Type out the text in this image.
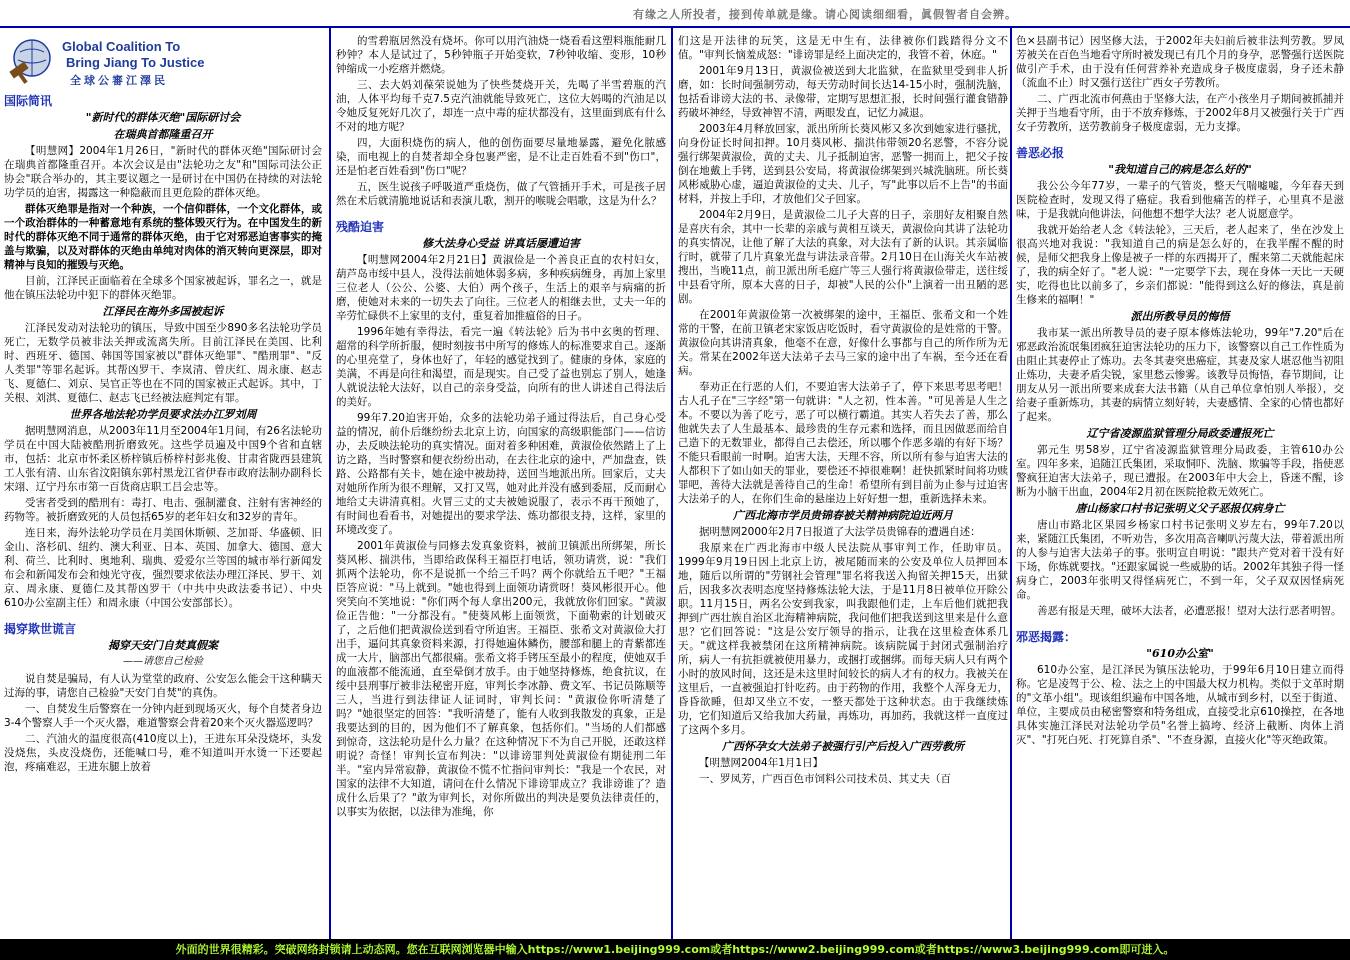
有缘之人所投者，接到传单就是缘。请心阅读细细看，眞假智者自会辨。
Global Coalition To
Bring Jiang To Justice
全球公審江澤民
国际简讯
"新时代的群体灭绝"国际研讨会
在瑞典首都隆重召开

【明慧网】2004年1月26日，"新时代的群体灭绝"国际研讨会在瑞典首都隆重召开。本次会议是由"法轮功之友"和"国际司法公正协会"联合举办的，其主要议题之一是研讨在中国仍在持续的对法轮功学员的迫害，揭露这一种隐蔽而且更危险的群体灭绝。

群体灭绝罪是指对一个种族，一个信仰群体，一个文化群体，或一个政治群体的一种蓄意地有系统的整体毁灭行为。在中国发生的新时代的群体灭绝不同于通常的群体灭绝，由于它对邪恶迫害事实的掩盖与欺骗，以及对群体的灭绝由单纯对肉体的消灭转向更深层，即对精神与良知的摧毁与灭绝。

目前，江泽民正面临着在全球多个国家被起诉，罪名之一，就是他在镇压法轮功中犯下的群体灭绝罪。

江泽民在海外多国被起诉

江泽民发动对法轮功的镇压，导致中国至少890多名法轮功学员死亡，无数学员被非法关押或流离失所。目前江泽民在美国、比利时、西班牙、德国、韩国等国家被以"群体灭绝罪"、"酷刑罪"、"反人类罪"等罪名起诉。其帮凶罗干、李岚清、曾庆红、周永康、赵志飞、夏德仁、刘京、吴官正等也在不同的国家被正式起诉。其中，丁关根、刘淇、夏德仁、赵志飞已经被法庭判定有罪。

世界各地法轮功学员要求法办江罗刘周

据明慧网消息，从2003年11月至2004年1月间，有26名法轮功学员在中国大陆被酷刑折磨致死。这些学员遍及中国9个省和直辖市，包括：北京市怀柔区桥梓镇后桥梓村彭兆俊、甘肃省陇西县建筑工人张有清、山东省汶阳镇东郭村黑龙江省伊春市政府法制办副科长宋翊、辽宁丹东市第一百货商店职工吕会忠等。

受害者受到的酷刑有：毒打、电击、强制灌食、注射有害神经的药物等。被折磨致死的人员包括65岁的老年妇女和32岁的青年。

连日来，海外法轮功学员在月美国休斯顿、芝加哥、华盛顿、旧金山、洛杉矶、纽约、澳大利亚、日本、英国、加拿大、德国、意大利、荷兰、比利时、奥地利、瑞典、爱爱尔兰等国的城市举行新闻发布会和新闻发布会和烛光守夜，强烈要求依法办理江泽民、罗干、刘京、周永康、夏德仁及其帮凶罗干（中共中央政法委书记）、中央610办公室副主任）和周永康（中国公安部部长）。

揭穿欺世谎言
揭穿天安门自焚真假案
——请您自己检验

说自焚是骗局，有人认为堂堂的政府、公安怎么能会干这种瞒天过海的事，请您自己检验"天安门自焚"的真伪。

一、自焚发生后警察在一分钟内赶到现场灭火，每个自焚者身边3-4个警察人手一个灭火器，难道警察会背着20来个灭火器巡逻吗？

二、汽油火的温度很高(410度以上)，王进东耳朵没烧坏，头发没烧焦，头皮没烧伤，还能喊口号，难不知道叫开水烫一下还要起泡，疼痛难忍，王进东腿上放着

的雪碧瓶居然没有烧坏。你可以用汽油烧一烧看看这塑料瓶能耐几秒钟？本人是试过了，5秒钟瓶子开始变软，7秒钟收缩、变形，10秒钟缩成一小疙瘩并燃烧。

三、去大妈刘葆荣说她为了快些焚烧开关，先喝了半雪碧瓶的汽油，人体平均每千克7.5克汽油就能导致死亡，这位大妈喝的汽油足以令她反复死好几次了，却连一点中毒的症状都没有，这里面到底有什么不对的地方呢？

四，大面积烧伤的病人，他的创伤面要尽量地暴露，避免化脓感染，而电视上的自焚者却全身包裹严密，是不让走百姓看不到"伤口"，还是怕老百姓看到"伤口"呢？

五，医生说孩子呼吸道严重烧伤，做了气管插开手术，可是孩子居然在术后就清脆地说话和表演儿歌，割开的喉咙会唱歌，这是为什么？

残酷迫害
修大法身心受益 讲真话屡遭迫害

【明慧网2004年2月21日】黄淑俭是一个善良正直的农村妇女，葫芦岛市绥中县人，没得法前她体弱多病，多种疾病缠身，再加上家里三位老人（公公、公婆、大伯）两个孩子，生活上的艰辛与病痛的折磨，使她对未来的一切失去了向往。三位老人的相继去世，丈夫一年的辛劳忙碌供不上家里的支付，重复着加推瘟俗的日子。

1996年她有幸得法，看完一遍《转法轮》后为书中玄奥的哲理、超常的科学所折服，便时刻按书中所写的修炼人的标准要求自己。逐渐的心里亮堂了，身体也好了，年轻的感觉找到了。健康的身体，家庭的美满，不再是向往和渴望，而是现实。自己受了益也别忘了别人，她逢人就说法轮大法好，以自己的亲身受益，向所有的世人讲述自己得法后的美好。

99年7.20迫害开始，众多的法轮功弟子通过得法后，自己身心受益的情况，前仆后继纷纷去北京上访，向国家的高级职能部门——信访办，去反映法轮功的真实情况。面对着多种困难，黄淑俭依然踏上了上访之路，当时警察和便衣纷纷出动，在去往北京的途中，严加盘查，铁路、公路都有关卡，她在途中被劫持，送回当地派出所。回家后，丈夫对她所作所为很不理解，又打又骂，她对此并没有感到委屈，反而耐心地给丈夫讲清真相。火冒三丈的丈夫被她说服了，表示不再干预她了，有时间也看看书，对她提出的要求学法、炼功都很支持，这样，家里的环境改变了。

2001年黄淑俭与同修去发真象资料，被前卫镇派出所绑架，所长葵风彬、揣洪伟，当即给政保科王福臣打电话，领功请赏，说："我们抓两个法轮功，你不是说抓一个给三千吗？两个你就给五千吧？"王福臣答应说："马上就到。"她也得到上面领功请赏呀！葵风彬很开心。他突笑向不笑地说："你们两个每人拿出200元，我就放你们回家。"黄淑俭正告他："一分都没有。"使葵风彬上面领赏，下面勒索的计划破灭了，之后他们把黄淑俭送到看守所迫害。王福臣、张希文对黄淑俭大打出手，逼问其真象资料来源，打得她遍体鳞伤，腰部和腿上的青紫都连成一大片，脑部出气都很痛。张希文将手铐压至最小的程度，使她双手的血液都不能流通，直至晕倒才放手。由于她坚持修炼，绝食抗议，在绥中县刑事厅被非法秘密开庭，审判长李冰静、费文军、书记员陈顺等三人，当进行到法律证人证词时，审判长问："黄淑俭你听清楚了吗？"她很坚定的回答："我听清楚了，能有人收到我散发的真象，正是我要达到的目的，因为他们不了解真象，包括你们。"当场的人们都感到惊奇，这法轮功是什么力量？在这种情况下不为自己开脱，还敢这样明说？奇怪！审判长宣布判决："以诽谤罪判处黄淑俭有期徒刑二年半。"室内异常寂静，黄淑俭不慌不忙指问审判长："我是一个农民，对国家的法律不大知道，请问在什么情况下诽谤罪成立？我诽谤谁了？造成什么后果了？"敢为审判长，对你所做出的判决是要负法律责任的，以事实为依据，以法律为准绳，你

们这是开法律的玩笑，这是无中生有，法律被你们践踏得分文不值。"审判长恼羞成怒："诽谤罪是经上面决定的，我管不着，休庭。"

2001年9月13日，黄淑俭被送到大北监狱，在监狱里受到非人折磨，如：长时间强制劳动，每天劳动时间长达14-15小时，强制洗脑，包括看诽谤大法的书、录像带，定期写思想汇报，长时间强行灌食错静药破坏神经，导致神智不清，两眼发直，记忆力减退。

2003年4月释放回家，派出所所长葵风彬又多次到她家进行骚扰，向身份证长时间扣押。10月葵风彬、揣洪伟带领20名恶警，不容分说强行绑架黄淑俭，黄的丈夫、儿子抵制迫害，恶警一拥而上，把父子按倒在地戴上手铐，送到县公安局，将黄淑俭绑架到兴城洗脑班。所长葵风彬威胁心虚，逼迫黄淑俭的丈夫、儿子，写"此事以后不上告"的书面材料，并按上手印，才放他们父子回家。

2004年2月9日，是黄淑俭二儿子大喜的日子，亲朋好友相聚自然是喜庆有余，其中一长辈的亲戚与黄相互谈天，黄淑俭向其讲了法轮功的真实情况，让他了解了大法的真象，对大法有了新的认识。其亲属临行时，就带了几片真象光盘与讲法录音带。2月10日在山海关火车站被搜出，当晚11点，前卫派出所毛庭广等三人强行将黄淑俭带走，送往绥中县看守所，原本大喜的日子，却被"人民的公仆"上演着一出丑陋的恶剧。

在2001年黄淑俭第一次被绑架的途中，王福臣、张希文和一个姓常的干警，在前卫镇老宋家饭店吃饭时，看守黄淑俭的是姓常的干警。黄淑俭向其讲清真象，他毫不在意，好像什么事都与自己的所作所为无关。常某在2002年送大法弟子去马三家的途中出了车祸，至今还在看病。

奉劝正在行恶的人们，不要迫害大法弟子了，停下来思考思考吧！古人孔子在"三字经"第一句就讲："人之初，性本善。"可见善是人生之本。不要以为善了吃亏，恶了可以横行霸道。其实人若失去了善，那么他就失去了人生最基本、最珍贵的生存元素和选择，而且因做恶而给自己造下的无数罪业，都得自己去偿还，所以哪个作恶多端的有好下场？不能只看眼前一时啊。迫害大法，天理不容，所以所有参与迫害大法的人都积下了如山如天的罪业，要偿还不掉很难啊！赶快抓紧时间将功赎罪吧，善待大法就是善待自己的生命！希望所有到目前为止参与过迫害大法弟子的人，在你们生命的悬崖边上好好想一想，重新选择未来。

广西北海市学员贵锦春被关精神病院迫近两月

据明慧网2000年2月7日报道了大法学员贵锦春的遭遇自述：

我原来在广西北海市中级人民法院从事审判工作，任助审员。1999年9月19日因上北京上访，被尾随而来的公安及单位人员押回本地，随后以所谓的"劳钢社会管理"罪名将我送入拘留关押15天，出狱后，因我多次表明态度坚持修炼法轮大法，于是11月8日被单位开除公职。11月15日，两名公安到我家，叫我跟他们走，上车后他们就把我押到广西壮族自治区北海精神病院，我问他们把我送到这里来是什么意思？它们回答说："这是公安厅领导的指示，让我在这里检查体系几天。"就这样我被禁闭在这所精神病院。该病院属于封闭式强制治疗所，病人一有抗拒就被使用暴力，或捆打或捆绑。而每天病人只有两个小时的放风时间，这还是未这里时间较长的病人才有的权力。我被关在这里后，一直被强迫打针吃药。由于药物的作用，我整个人浑身无力，昏昏欲睡，但却又坐立不安，一整天都处于这种状态。由于我继续炼功，它们知道后又给我加大药量，再炼功，再加药，我就这样一直度过了这两个多月。

广西怀孕女大法弟子被强行引产后投入广西劳教所

【明慧网2004年1月1日】

一、罗凤芳，广西百色市饲料公司技术员、其丈夫（百

色×县副书记）因坚修大法，于2002年夫妇前后被非法判劳教。罗凤芳被关在百色当地看守所时被发现已有几个月的身孕，恶警强行送医院做引产手术，由于没有任何营养补充造成身子极度虚弱，身子还未静（流血不止）时又强行送往广西女子劳教所。

二、广西北流市何燕由于坚修大法，在产小孩坐月子期间被抓捕并关押于当地看守所，由于不放弃修炼，于2002年8月又被强行关于广西女子劳教所，送劳教前身子极度虚弱，无力支撑。

善恶必报
"我知道自己的病是怎么好的"

我公公今年77岁，一辈子的气管炎，整天气喘嘘嘘，今年春天到医院检查时，发现又得了癌症。我看到他痛苦的样子，心里真不是滋味，于是我就向他讲法，问他想不想学大法？老人说愿意学。

我就开始给老人念《转法轮》，三天后，老人起来了，坐在沙发上很高兴地对我说："我知道自己的病是怎么好的，在我半醒不醒的时候，是师父把我身上像是被子一样的东西揭开了，醒来第二天就能起床了，我的病全好了。"老人说："一定要学下去，现在身体一天比一天硬实，吃得也比以前多了，乡亲们都说："能得到这么好的修法，真是前生修来的福啊！"

派出所教导员的悔悟

我市某一派出所教导员的妻子原本修炼法轮功，99年"7.20"后在邪恶政治流氓集团疯狂迫害法轮功的压力下，该警察以自己工作性质为由阻止其妻停止了炼功。去冬其妻突患癌症，其妻及家人堪忍他当初阻止炼功，夫妻矛盾尖锐，家里愁云惨雾。该教导员悔悟，春节期间，让朋友从另一派出所要来成套大法书籍（从自己单位拿怕别人举报），交给妻子重新炼功，其妻的病情立刻好转，夫妻感情、全家的心情也都好了起来。

辽宁省凌源监狱管理分局政委遭报死亡

郭元生 男58岁，辽宁省凌源监狱管理分局政委，主管610办公室。四年多来，追随江氏集团，采取恫吓、洗脑、欺骗等手段，指使恶警疯狂迫害大法弟子，现已遭报。在2003年中大会上，昏迷不醒，诊断为小脑干出血，2004年2月初在医院抢救无效死亡。

唐山杨家口村书记张明义父子恶报仅病身亡

唐山市路北区果园乡杨家口村书记张明义岁左右，99年7.20以来，紧随江氏集团，不听劝告，多次用高音喇叭污蔑大法，带着派出所的人参与迫害大法弟子的事。张明宣自明说："跟共产党对着干没有好下场，你炼就要找。"还跟家属说一些威胁的话。2002年其独子得一怪病身亡，2003年张明又得怪病死亡，不到一年，父子双双因怪病死命。

善恶有报是天理，破坏大法者，必遭恶报！望对大法行恶者明智。

邪恶揭露：
"610办公室"

610办公室，是江泽民为镇压法轮功，于99年6月10日建立而得称。它是凌驾于公、检、法之上的中国最大权力机构。类似于文革时期的"文革小组"。现该组织遍布中国各地，从城市到乡村，以至于街道、单位，主要成员由秘密警察和特务组成，直接受北京610操控，在各地具体实施江泽民对法轮功学员"名誉上搞垮、经济上截断、肉体上消灭"、"打死白死、打死算自杀"、"不查身源，直接火化"等灭绝政策。

外面的世界很精彩。突破网络封锁请上动态网。您在互联网浏览器中输入https://www1.beijing999.com或者https://www2.beijing999.com或者https://www3.beijing999.com即可进入。
